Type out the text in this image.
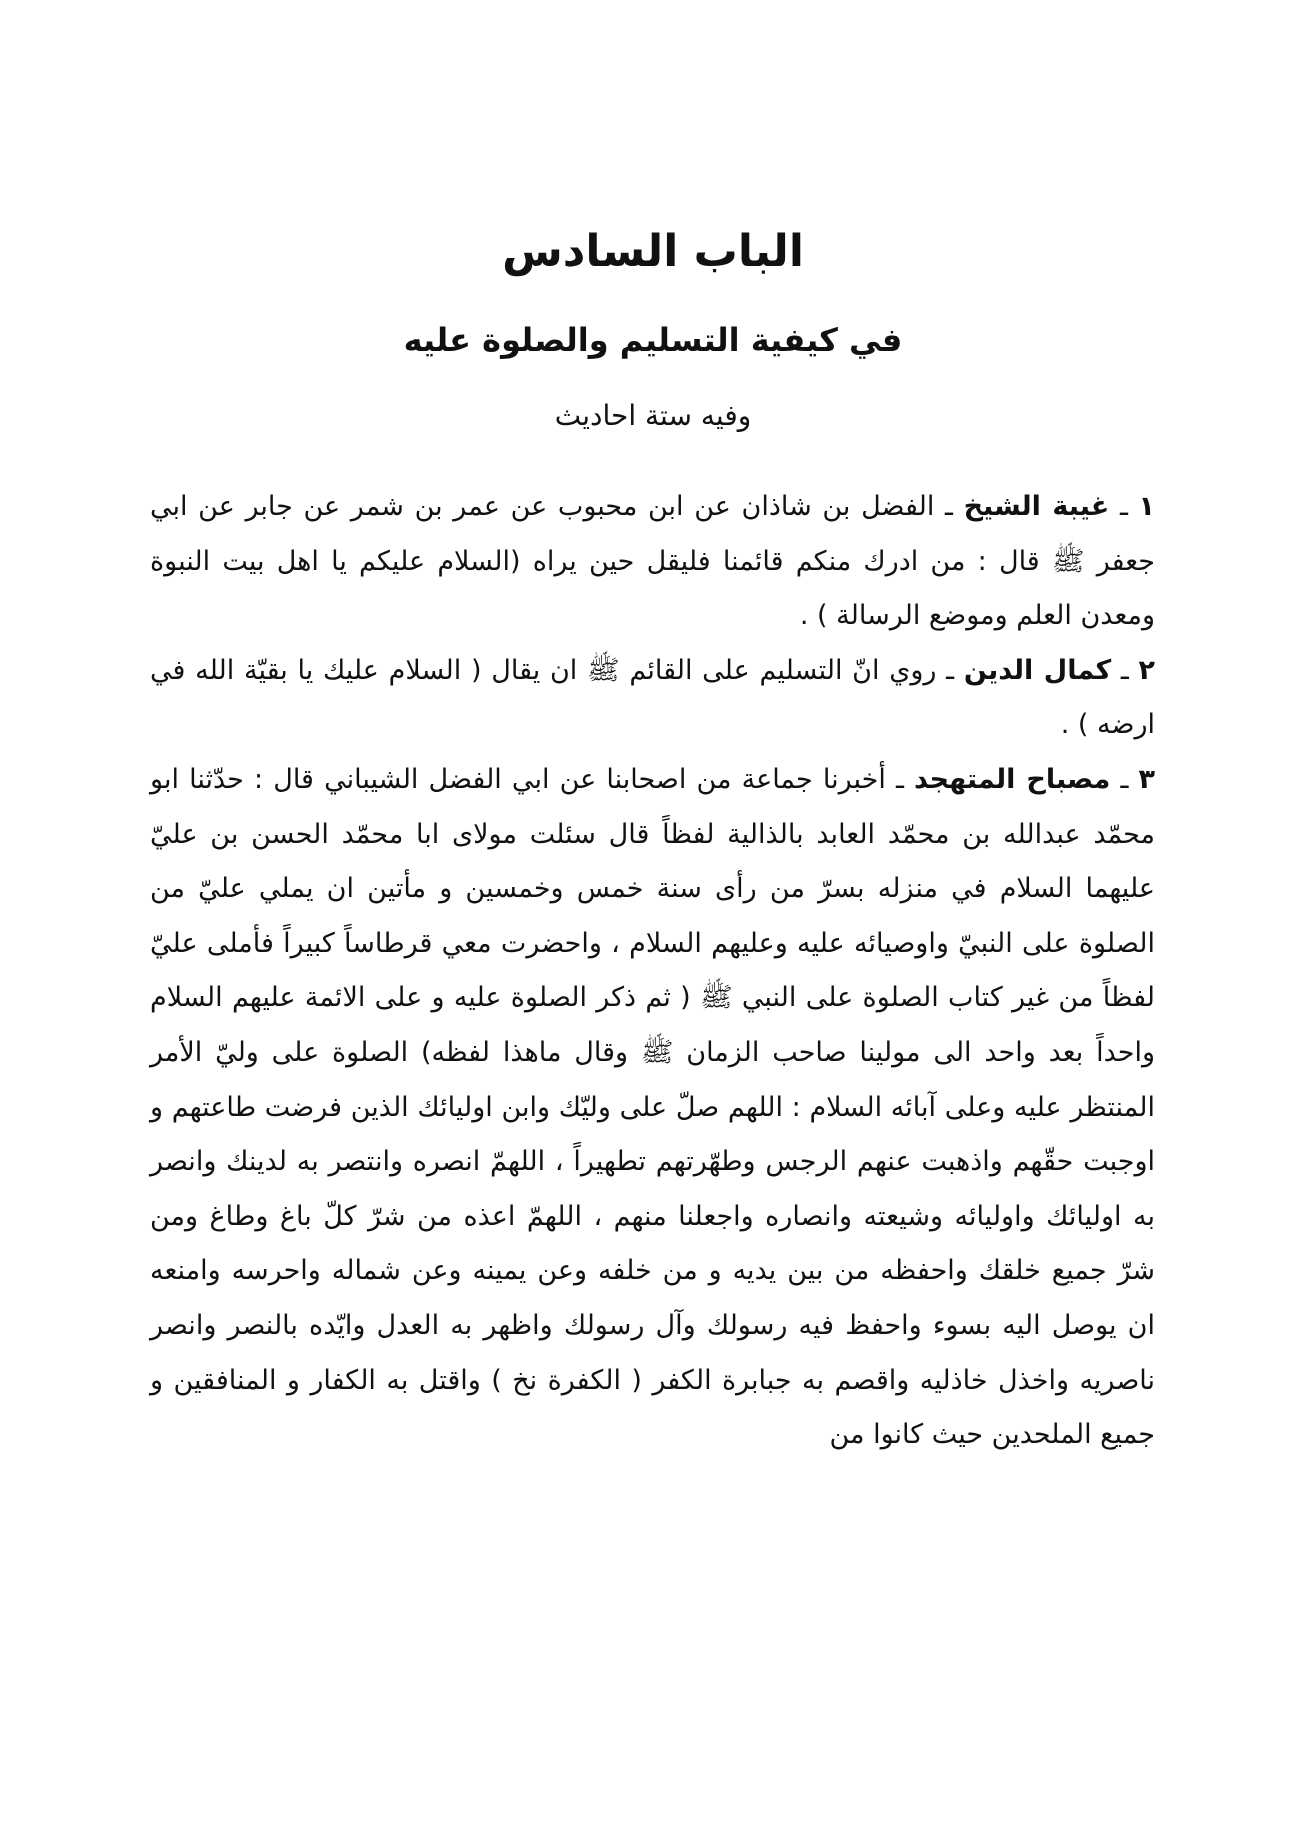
الباب السادس
في كيفية التسليم والصلوة عليه
وفيه ستة احاديث

١ ـ غيبة الشيخ ـ الفضل بن شاذان عن ابن محبوب عن عمر بن شمر عن جابر عن ابي جعفر ﷺ قال : من ادرك منكم قائمنا فليقل حين يراه (السلام عليكم يا اهل بيت النبوة ومعدن العلم وموضع الرسالة ) .

٢ ـ كمال الدين ـ روي انّ التسليم على القائم ﷺ ان يقال ( السلام عليك يا بقيّة الله في ارضه ) .

٣ ـ مصباح المتهجد ـ أخبرنا جماعة من اصحابنا عن ابي الفضل الشيباني قال : حدّثنا ابو محمّد عبدالله بن محمّد العابد بالذالية لفظاً قال سئلت مولاى ابا محمّد الحسن بن عليّ عليهما السلام في منزله بسرّ من رأى سنة خمس وخمسين و مأتين ان يملي عليّ من الصلوة على النبيّ واوصيائه عليه وعليهم السلام ، واحضرت معي قرطاساً كبيراً فأملى عليّ لفظاً من غير كتاب الصلوة على النبي ﷺ ( ثم ذكر الصلوة عليه و على الائمة عليهم السلام واحداً بعد واحد الى مولينا صاحب الزمان ﷺ وقال ماهذا لفظه) الصلوة على وليّ الأمر المنتظر عليه وعلى آبائه السلام : اللهم صلّ على وليّك وابن اوليائك الذين فرضت طاعتهم و اوجبت حقّهم واذهبت عنهم الرجس وطهّرتهم تطهيراً ، اللهمّ انصره وانتصر به لدينك وانصر به اوليائك واوليائه وشيعته وانصاره واجعلنا منهم ، اللهمّ اعذه من شرّ كلّ باغ وطاغ ومن شرّ جميع خلقك واحفظه من بين يديه و من خلفه وعن يمينه وعن شماله واحرسه وامنعه ان يوصل اليه بسوء واحفظ فيه رسولك وآل رسولك واظهر به العدل وايّده بالنصر وانصر ناصريه واخذل خاذليه واقصم به جبابرة الكفر ( الكفرة نخ ) واقتل به الكفار و المنافقين و جميع الملحدين حيث كانوا من
